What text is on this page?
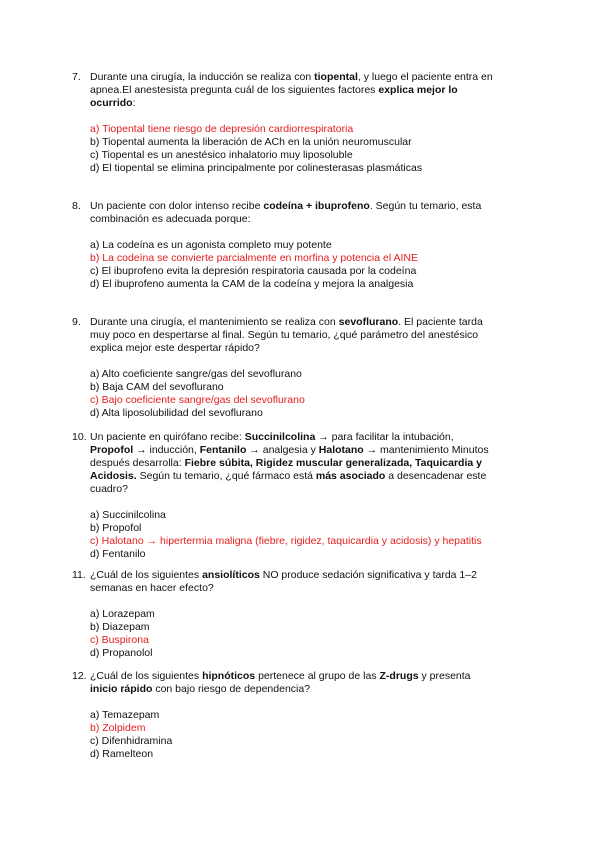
7. Durante una cirugía, la inducción se realiza con tiopental, y luego el paciente entra en apnea.El anestesista pregunta cuál de los siguientes factores explica mejor lo ocurrido:

a) Tiopental tiene riesgo de depresión cardiorrespiratoria
b) Tiopental aumenta la liberación de ACh en la unión neuromuscular
c) Tiopental es un anestésico inhalatorio muy liposoluble
d) El tiopental se elimina principalmente por colinesterasas plasmáticas
8. Un paciente con dolor intenso recibe codeína + ibuprofeno. Según tu temario, esta combinación es adecuada porque:

a) La codeína es un agonista completo muy potente
b) La codeína se convierte parcialmente en morfina y potencia el AINE
c) El ibuprofeno evita la depresión respiratoria causada por la codeína
d) El ibuprofeno aumenta la CAM de la codeína y mejora la analgesia
9. Durante una cirugía, el mantenimiento se realiza con sevoflurano. El paciente tarda muy poco en despertarse al final. Según tu temario, ¿qué parámetro del anestésico explica mejor este despertar rápido?

a) Alto coeficiente sangre/gas del sevoflurano
b) Baja CAM del sevoflurano
c) Bajo coeficiente sangre/gas del sevoflurano
d) Alta liposolubilidad del sevoflurano
10. Un paciente en quirófano recibe: Succinilcolina → para facilitar la intubación, Propofol → inducción, Fentanilo → analgesia y Halotano → mantenimiento Minutos después desarrolla: Fiebre súbita, Rigidez muscular generalizada, Taquicardia y Acidosis. Según tu temario, ¿qué fármaco está más asociado a desencadenar este cuadro?

a) Succinilcolina
b) Propofol
c) Halotano → hipertermia maligna (fiebre, rigidez, taquicardia y acidosis) y hepatitis
d) Fentanilo
11. ¿Cuál de los siguientes ansiolíticos NO produce sedación significativa y tarda 1–2 semanas en hacer efecto?

a) Lorazepam
b) Diazepam
c) Buspirona
d) Propanolol
12. ¿Cuál de los siguientes hipnóticos pertenece al grupo de las Z-drugs y presenta inicio rápido con bajo riesgo de dependencia?

a) Temazepam
b) Zolpidem
c) Difenhidramina
d) Ramelteon
